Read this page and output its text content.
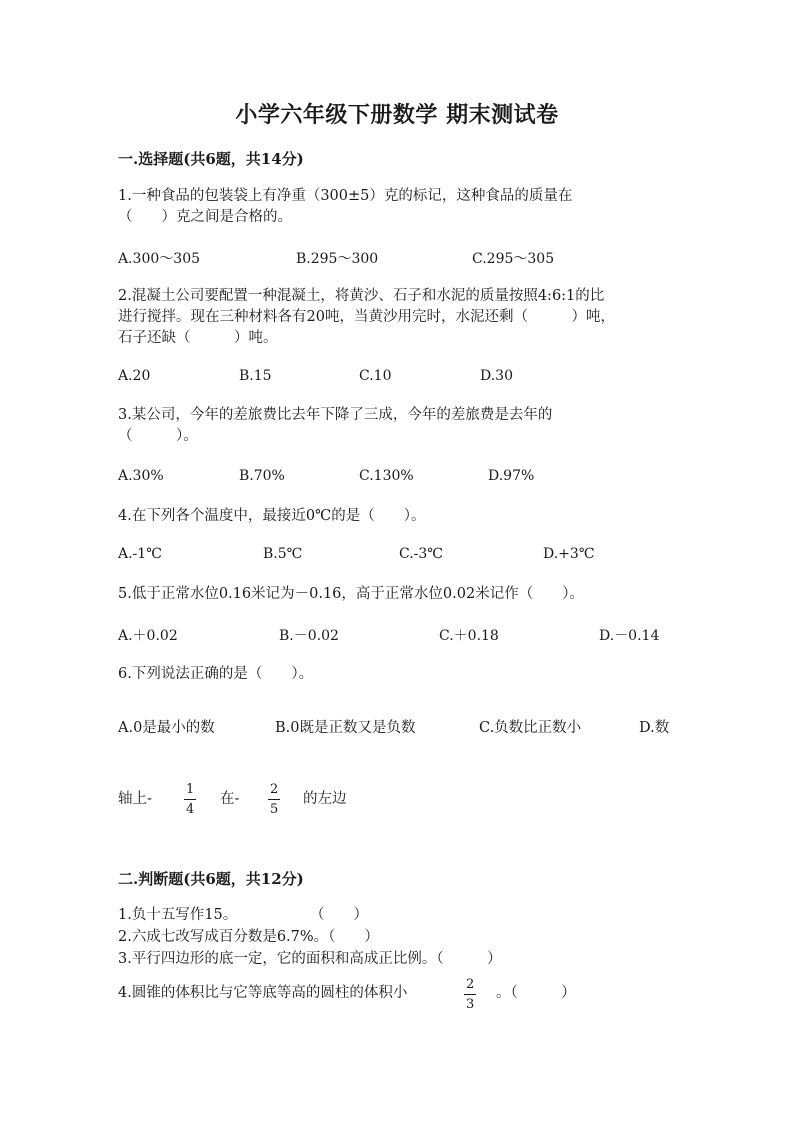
小学六年级下册数学 期末测试卷
一.选择题(共6题，共14分)
1.一种食品的包装袋上有净重（300±5）克的标记，这种食品的质量在
（　　）克之间是合格的。
A.300～305	B.295～300	C.295～305
2.混凝土公司要配置一种混凝土，将黄沙、石子和水泥的质量按照4:6:1的比
进行搅拌。现在三种材料各有20吨，当黄沙用完时，水泥还剩（　　　）吨，
石子还缺（　　　）吨。
A.20	B.15	C.10	D.30
3.某公司，今年的差旅费比去年下降了三成，今年的差旅费是去年的
（　　　）。
A.30%	B.70%	C.130%	D.97%
4.在下列各个温度中，最接近0℃的是（　　）。
A.-1℃	B.5℃	C.-3℃	D.+3℃
5.低于正常水位0.16米记为－0.16，高于正常水位0.02米记作（　　）。
A.＋0.02	B.－0.02	C.＋0.18	D.－0.14
6.下列说法正确的是（　　）。
A.0是最小的数	B.0既是正数又是负数	C.负数比正数小	D.数
轴上-
1
4
在-
2
5
的左边
二.判断题(共6题，共12分)
1.负十五写作15。	（　　）
2.六成七改写成百分数是6.7%。（　　）
3.平行四边形的底一定，它的面积和高成正比例。（　　　）
4.圆锥的体积比与它等底等高的圆柱的体积小
2
3
。（　　　）
